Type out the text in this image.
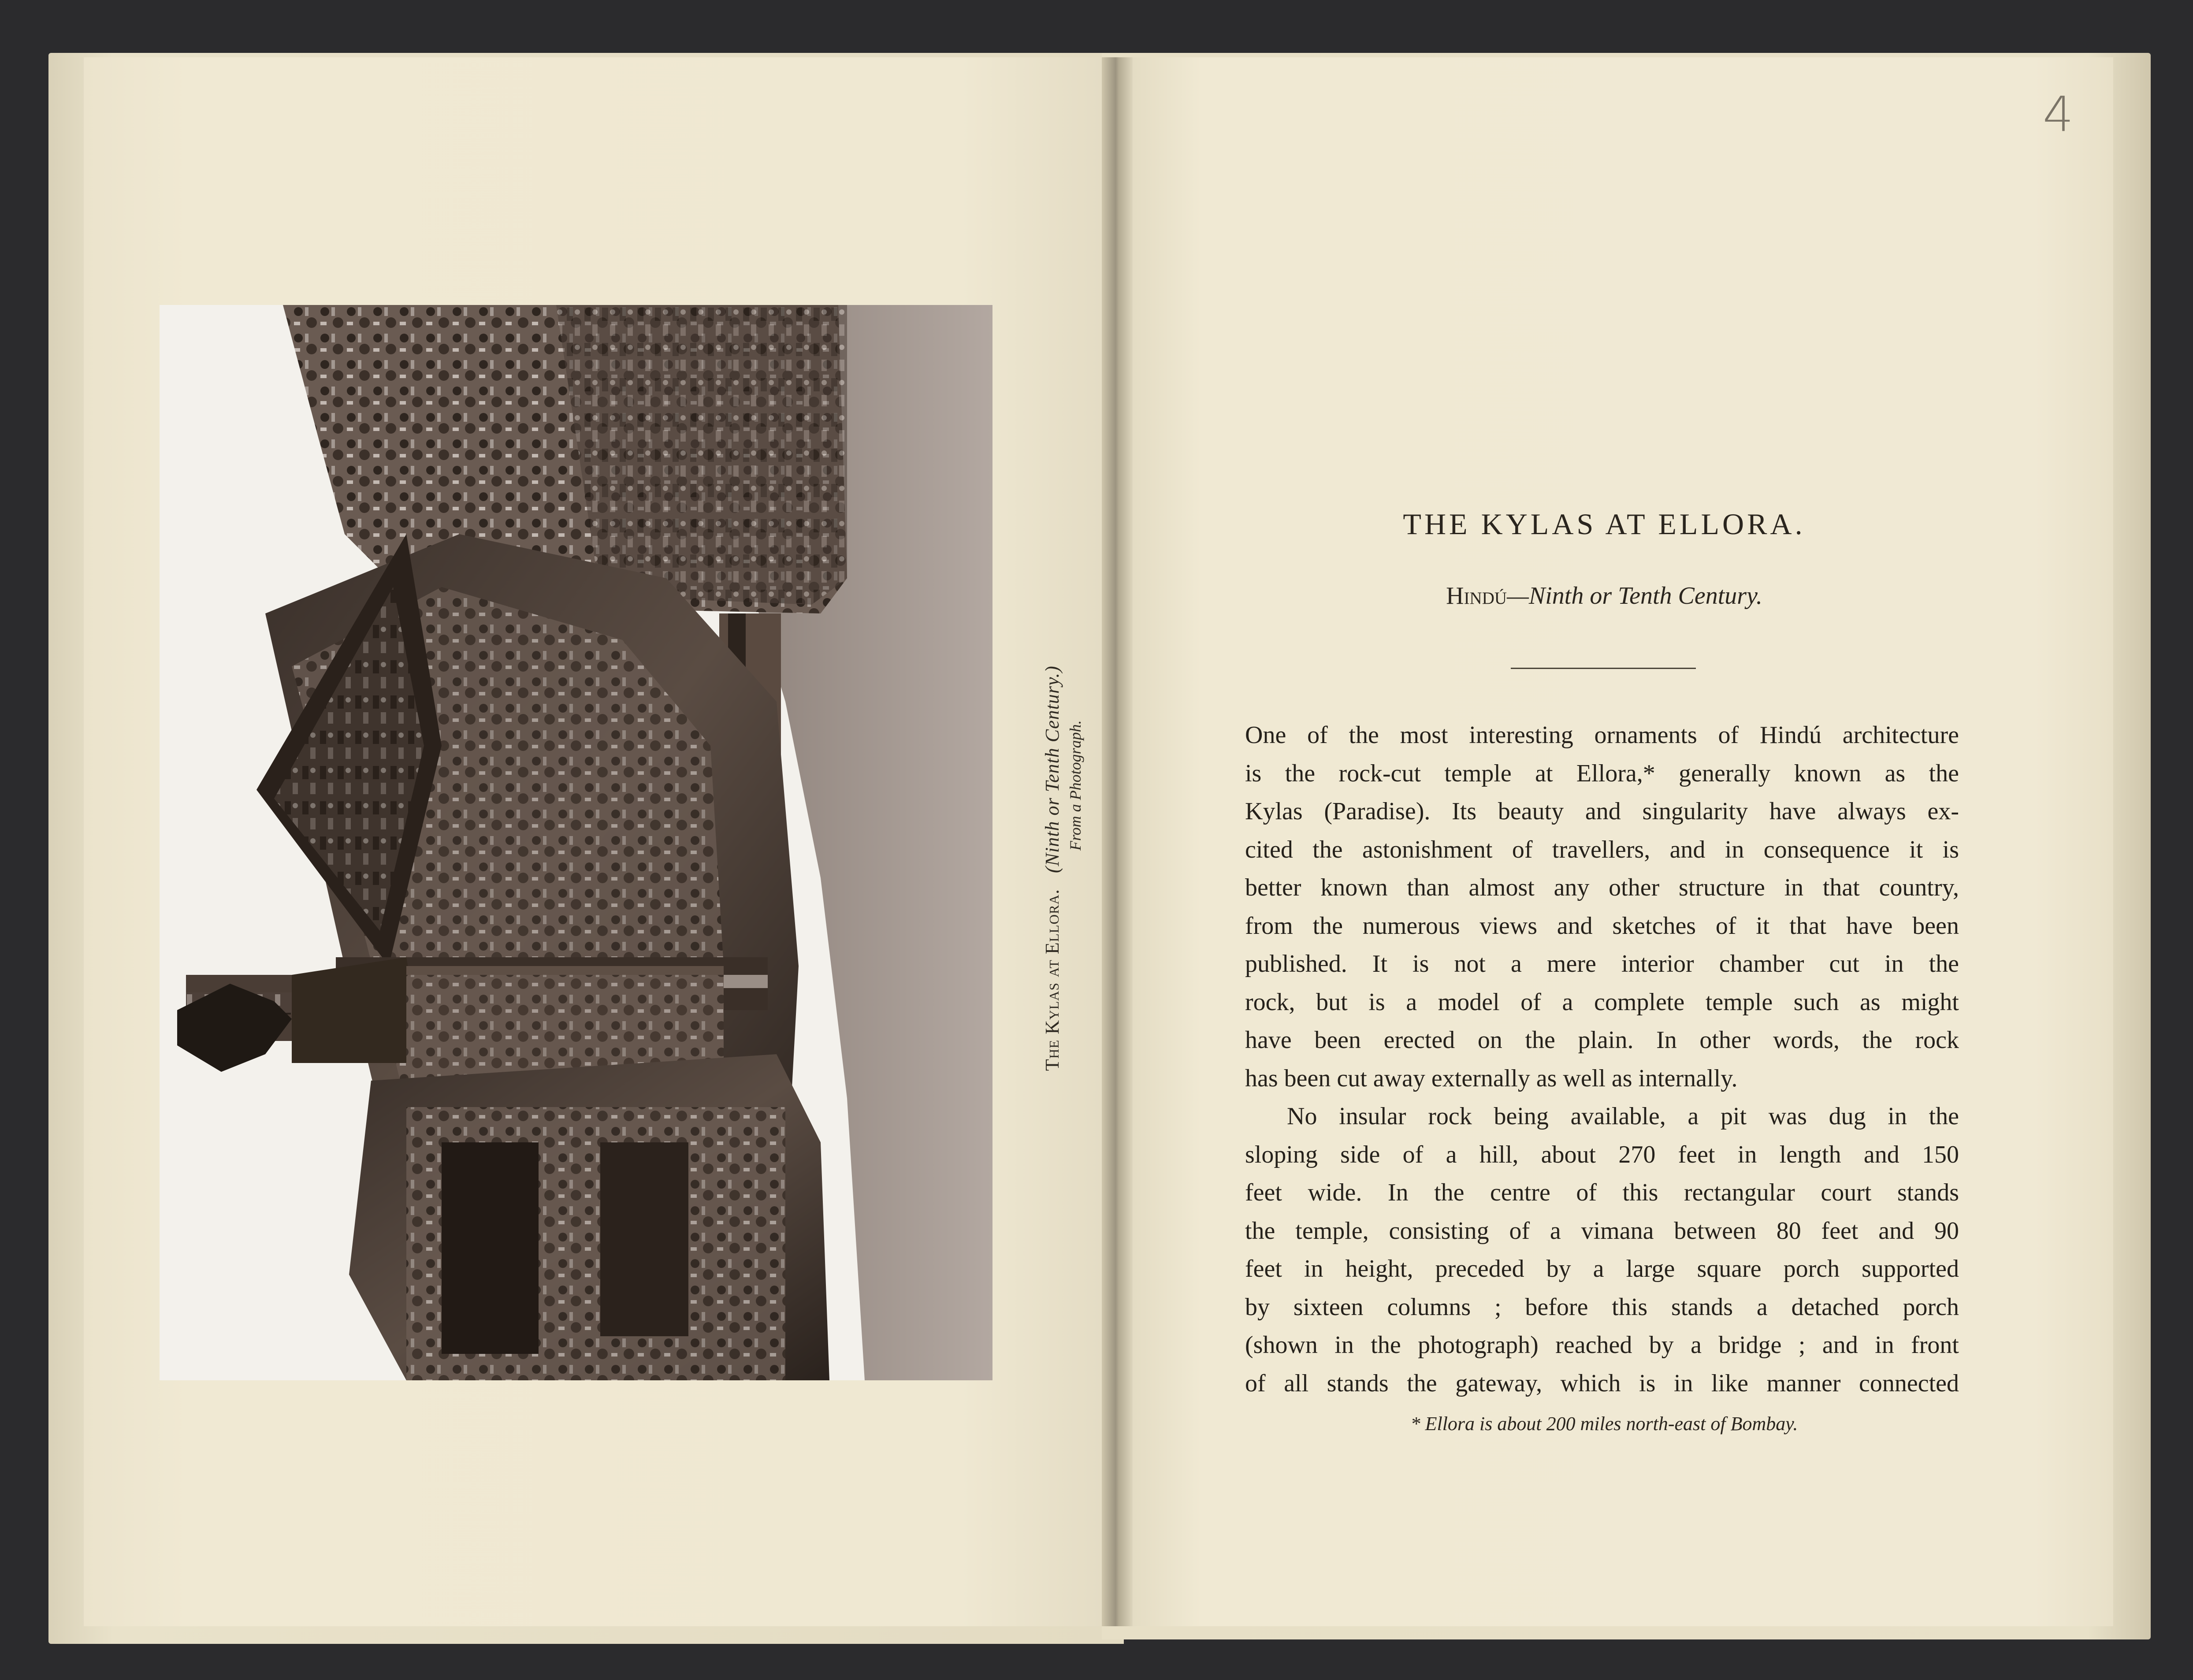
The Kylas at Ellora.   (Ninth or Tenth Century.) From a Photograph.
4
THE KYLAS AT ELLORA.
Hindú—Ninth or Tenth Century.
One of the most interesting ornaments of Hindú architecture
is the rock-cut temple at Ellora,* generally known as the
Kylas (Paradise). Its beauty and singularity have always ex-
cited the astonishment of travellers, and in consequence it is
better known than almost any other structure in that country,
from the numerous views and sketches of it that have been
published. It is not a mere interior chamber cut in the
rock, but is a model of a complete temple such as might
have been erected on the plain. In other words, the rock
has been cut away externally as well as internally.
No insular rock being available, a pit was dug in the
sloping side of a hill, about 270 feet in length and 150
feet wide. In the centre of this rectangular court stands
the temple, consisting of a vimana between 80 feet and 90
feet in height, preceded by a large square porch supported
by sixteen columns ; before this stands a detached porch
(shown in the photograph) reached by a bridge ; and in front
of all stands the gateway, which is in like manner connected
* Ellora is about 200 miles north-east of Bombay.
